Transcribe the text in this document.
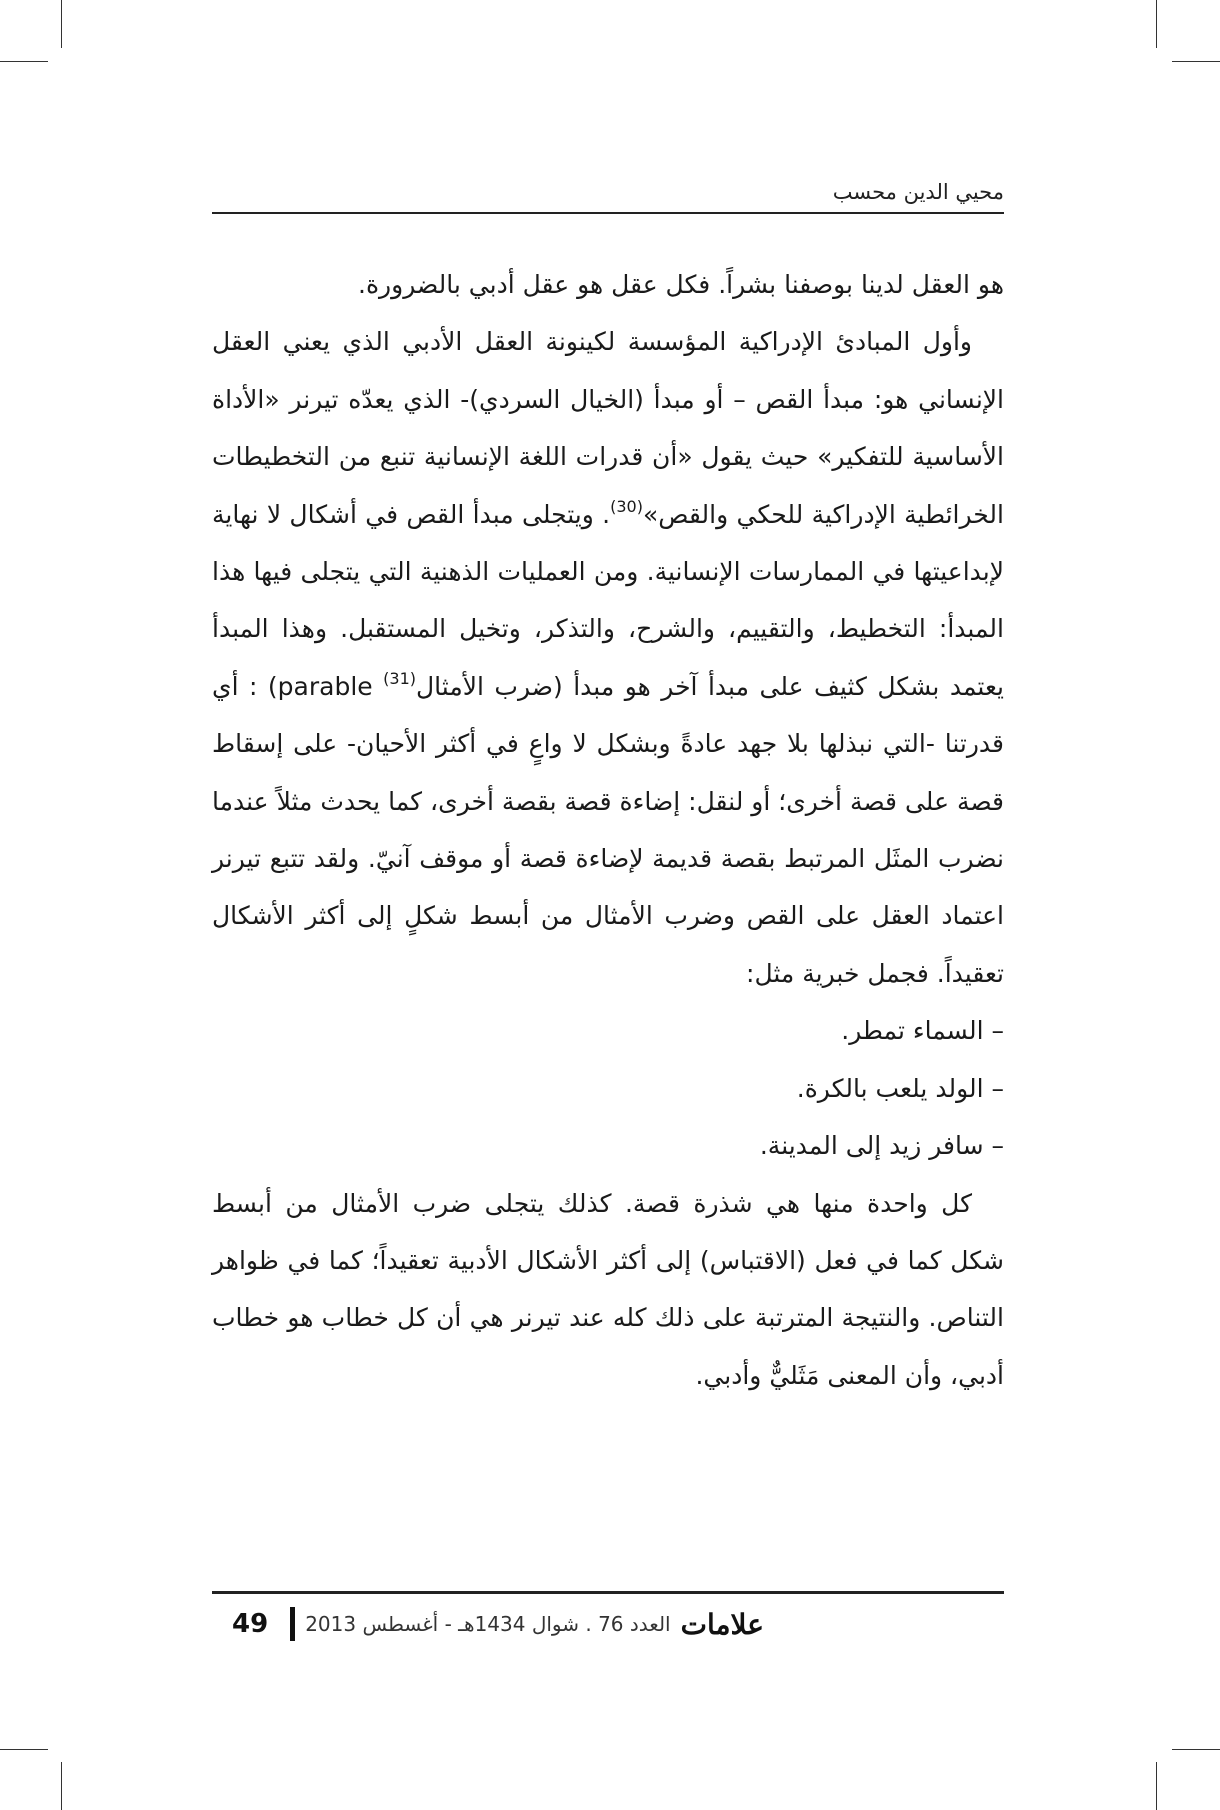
محيي الدين محسب

هو العقل لدينا بوصفنا بشراً. فكل عقل هو عقل أدبي بالضرورة.

وأول المبادئ الإدراكية المؤسسة لكينونة العقل الأدبي الذي يعني العقل الإنساني هو: مبدأ القص – أو مبدأ (الخيال السردي)- الذي يعدّه تيرنر «الأداة الأساسية للتفكير» حيث يقول «أن قدرات اللغة الإنسانية تنبع من التخطيطات الخرائطية الإدراكية للحكي والقص»$^{(30)}$. ويتجلى مبدأ القص في أشكال لا نهاية لإبداعيتها في الممارسات الإنسانية. ومن العمليات الذهنية التي يتجلى فيها هذا المبدأ: التخطيط، والتقييم، والشرح، والتذكر، وتخيل المستقبل. وهذا المبدأ يعتمد بشكل كثيف على مبدأ آخر هو مبدأ (ضرب الأمثال$^{(31)}$ parable) : أي قدرتنا -التي نبذلها بلا جهد عادةً وبشكل لا واعٍ في أكثر الأحيان- على إسقاط قصة على قصة أخرى؛ أو لنقل: إضاءة قصة بقصة أخرى، كما يحدث مثلاً عندما نضرب المثَل المرتبط بقصة قديمة لإضاءة قصة أو موقف آنيّ. ولقد تتبع تيرنر اعتماد العقل على القص وضرب الأمثال من أبسط شكلٍ إلى أكثر الأشكال تعقيداً. فجمل خبرية مثل:

– السماء تمطر.

– الولد يلعب بالكرة.

– سافر زيد إلى المدينة.

كل واحدة منها هي شذرة قصة. كذلك يتجلى ضرب الأمثال من أبسط شكل كما في فعل (الاقتباس) إلى أكثر الأشكال الأدبية تعقيداً؛ كما في ظواهر التناص. والنتيجة المترتبة على ذلك كله عند تيرنر هي أن كل خطاب هو خطاب أدبي، وأن المعنى مَثَليٌّ وأدبي.

49 العدد 76 . شوال 1434هـ - أغسطس 2013 علامات
